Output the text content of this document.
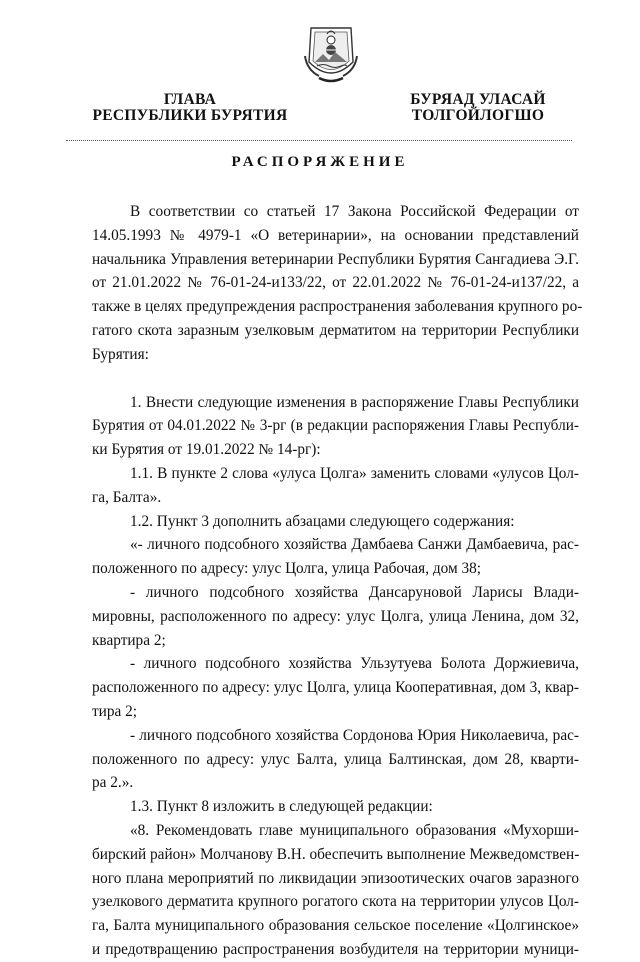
ГЛАВА
РЕСПУБЛИКИ БУРЯТИЯ
БУРЯАД УЛАСАЙ
ТОЛГОЙЛОГШО
РАСПОРЯЖЕНИЕ
В соответствии со статьей 17 Закона Российской Федерации от
14.05.1993 № 4979-1 «О ветеринарии», на основании представлений
начальника Управления ветеринарии Республики Бурятия Сангадиева Э.Г.
от 21.01.2022 № 76-01-24-и133/22, от 22.01.2022 № 76-01-24-и137/22, а
также в целях предупреждения распространения заболевания крупного ро-
гатого скота заразным узелковым дерматитом на территории Республики
Бурятия:
1. Внести следующие изменения в распоряжение Главы Республики
Бурятия от 04.01.2022 № 3-рг (в редакции распоряжения Главы Республи-
ки Бурятия от 19.01.2022 № 14-рг):
1.1. В пункте 2 слова «улуса Цолга» заменить словами «улусов Цол-
га, Балта».
1.2. Пункт 3 дополнить абзацами следующего содержания:
«- личного подсобного хозяйства Дамбаева Санжи Дамбаевича, рас-
положенного по адресу: улус Цолга, улица Рабочая, дом 38;
- личного подсобного хозяйства Дансаруновой Ларисы Влади-
мировны, расположенного по адресу: улус Цолга, улица Ленина, дом 32,
квартира 2;
- личного подсобного хозяйства Ульзутуева Болота Доржиевича,
расположенного по адресу: улус Цолга, улица Кооперативная, дом 3, квар-
тира 2;
- личного подсобного хозяйства Сордонова Юрия Николаевича, рас-
положенного по адресу: улус Балта, улица Балтинская, дом 28, кварти-
ра 2.».
1.3. Пункт 8 изложить в следующей редакции:
«8. Рекомендовать главе муниципального образования «Мухорши-
бирский район» Молчанову В.Н. обеспечить выполнение Межведомствен-
ного плана мероприятий по ликвидации эпизоотических очагов заразного
узелкового дерматита крупного рогатого скота на территории улусов Цол-
га, Балта муниципального образования сельское поселение «Цолгинское»
и предотвращению распространения возбудителя на территории муници-
